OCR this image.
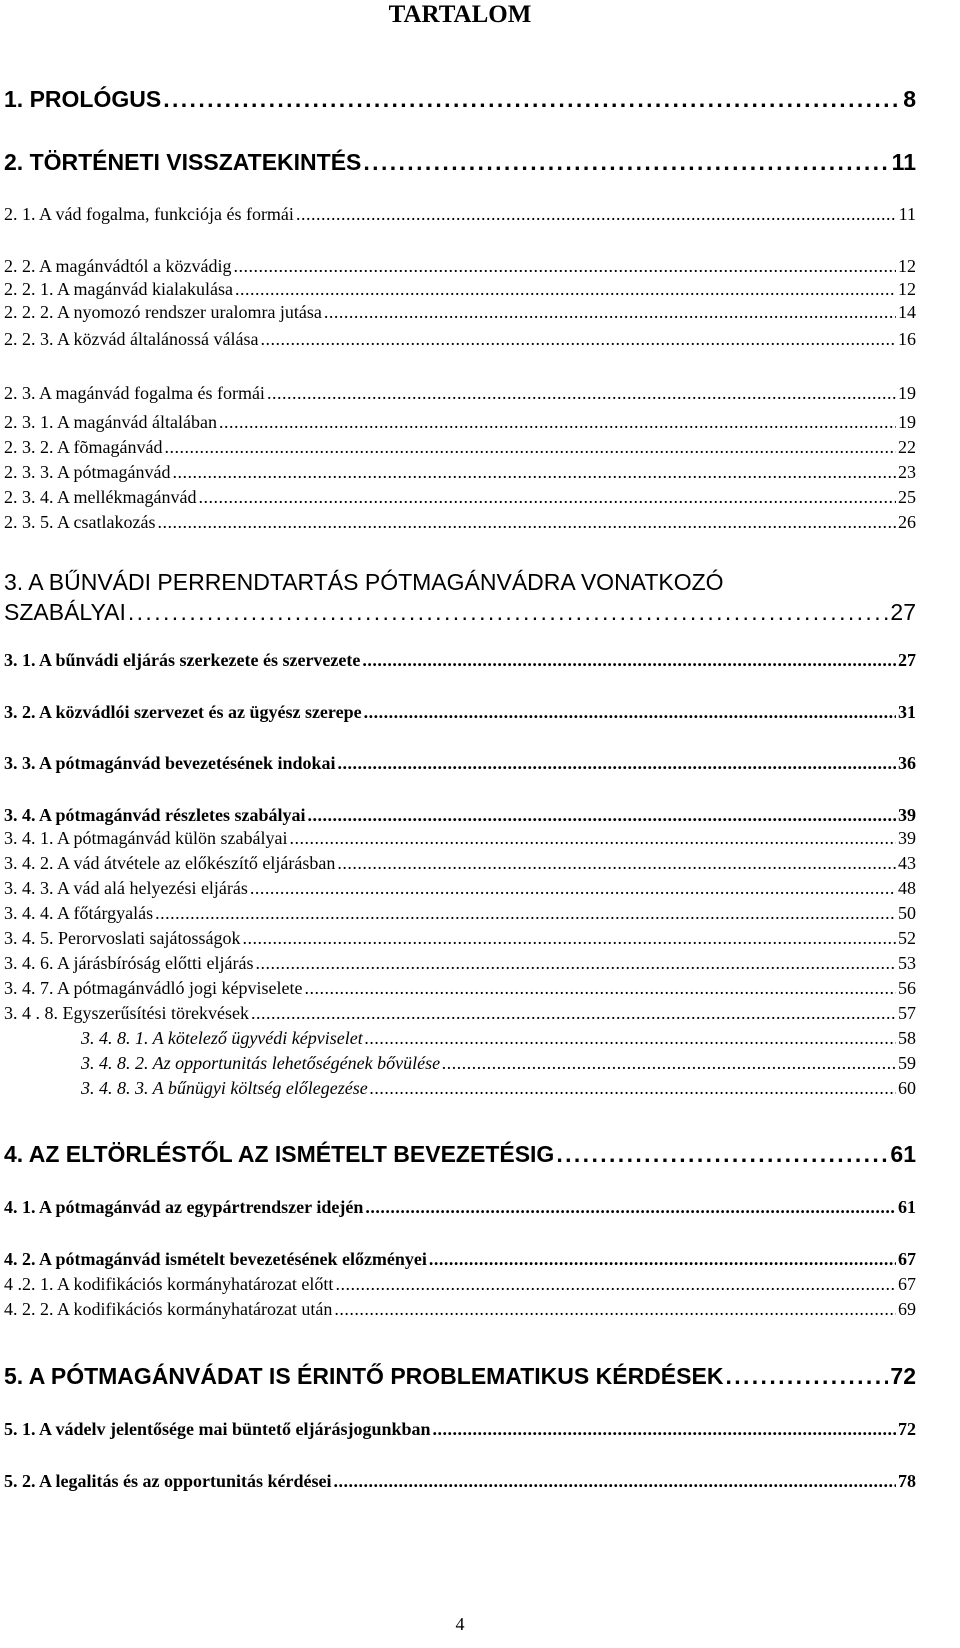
TARTALOM
1. PROLÓGUS . . .	8
2. TÖRTÉNETI VISSZATEKINTÉS . . .	11
2. 1. A vád fogalma, funkciója és formái . . .	11
2. 2. A magánvádtól a közvádig . . .	12
2. 2. 1. A magánvád kialakulása . . .	12
2. 2. 2. A nyomozó rendszer uralomra jutása . . .	14
2. 2. 3. A közvád általánossá válása . . .	16
2. 3. A magánvád fogalma és formái . . .	19
2. 3. 1. A magánvád általában . . .	19
2. 3. 2. A fõmagánvád . . .	22
2. 3. 3. A pótmagánvád . . .	23
2. 3. 4. A mellékmagánvád . . .	25
2. 3. 5. A csatlakozás . . .	26
3. A BŰNVÁDI PERRENDTARTÁS PÓTMAGÁNVÁDRA VONATKOZÓ
SZABÁLYAI . . .	27
3. 1. A bűnvádi eljárás szerkezete és szervezete . . .	27
3. 2. A közvádlói szervezet és az ügyész szerepe . . .	31
3. 3. A pótmagánvád bevezetésének indokai . . .	36
3. 4. A pótmagánvád részletes szabályai . . .	39
3. 4. 1. A pótmagánvád külön szabályai . . .	39
3. 4. 2. A vád átvétele az előkészítő eljárásban . . .	43
3. 4. 3. A vád alá helyezési eljárás . . .	48
3. 4. 4. A főtárgyalás . . .	50
3. 4. 5. Perorvoslati sajátosságok . . .	52
3. 4. 6. A járásbíróság előtti eljárás . . .	53
3. 4. 7. A pótmagánvádló jogi képviselete . . .	56
3. 4 . 8. Egyszerűsítési törekvések . . .	57
3. 4. 8. 1. A kötelező ügyvédi képviselet . . .	58
3. 4. 8. 2. Az opportunitás lehetőségének bővülése . . .	59
3. 4. 8. 3. A bűnügyi költség előlegezése . . .	60
4. AZ ELTÖRLÉSTŐL AZ ISMÉTELT BEVEZETÉSIG . . .	61
4. 1. A pótmagánvád az egypártrendszer idején . . .	61
4. 2. A pótmagánvád ismételt bevezetésének előzményei . . .	67
4 .2. 1. A kodifikációs kormányhatározat előtt . . .	67
4. 2. 2. A kodifikációs kormányhatározat után . . .	69
5. A PÓTMAGÁNVÁDAT IS ÉRINTŐ PROBLEMATIKUS KÉRDÉSEK . . .	72
5. 1. A vádelv jelentősége mai büntető eljárásjogunkban . . .	72
5. 2. A legalitás és az opportunitás kérdései . . .	78
4
